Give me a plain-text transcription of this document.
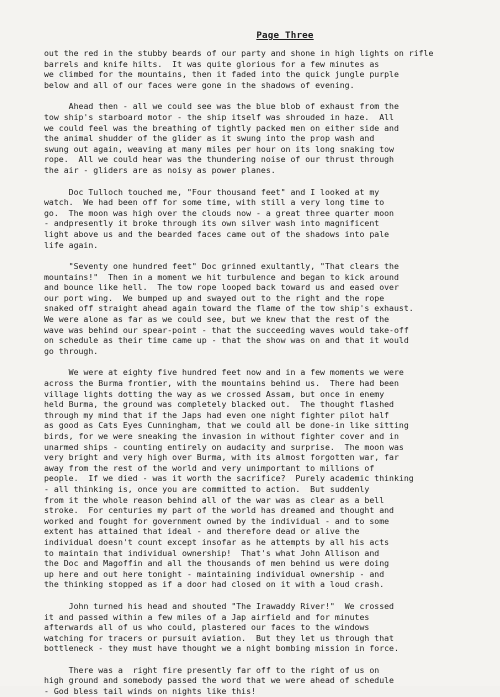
Page Three

out the red in the stubby beards of our party and shone in high lights on rifle
barrels and knife hilts.  It was quite glorious for a few minutes as
we climbed for the mountains, then it faded into the quick jungle purple
below and all of our faces were gone in the shadows of evening.

Ahead then - all we could see was the blue blob of exhaust from the
tow ship's starboard motor - the ship itself was shrouded in haze.  All
we could feel was the breathing of tightly packed men on either side and
the animal shudder of the glider as it swung into the prop wash and
swung out again, weaving at many miles per hour on its long snaking tow
rope.  All we could hear was the thundering noise of our thrust through
the air - gliders are as noisy as power planes.

Doc Tulloch touched me, "Four thousand feet" and I looked at my
watch.  We had been off for some time, with still a very long time to
go.  The moon was high over the clouds now - a great three quarter moon
- andpresently it broke through its own silver wash into magnificent
light above us and the bearded faces came out of the shadows into pale
life again.

"Seventy one hundred feet" Doc grinned exultantly, "That clears the
mountains!"  Then in a moment we hit turbulence and began to kick around
and bounce like hell.  The tow rope looped back toward us and eased over
our port wing.  We bumped up and swayed out to the right and the rope
snaked off straight ahead again toward the flame of the tow ship's exhaust.
We were alone as far as we could see, but we knew that the rest of the
wave was behind our spear-point - that the succeeding waves would take-off
on schedule as their time came up - that the show was on and that it would
go through.

We were at eighty five hundred feet now and in a few moments we were
across the Burma frontier, with the mountains behind us.  There had been
village lights dotting the way as we crossed Assam, but once in enemy
held Burma, the ground was completely blacked out.  The thought flashed
through my mind that if the Japs had even one night fighter pilot half
as good as Cats Eyes Cunningham, that we could all be done-in like sitting
birds, for we were sneaking the invasion in without fighter cover and in
unarmed ships - counting entirely on audacity and surprise.  The moon was
very bright and very high over Burma, with its almost forgotten war, far
away from the rest of the world and very unimportant to millions of
people.  If we died - was it worth the sacrifice?  Purely academic thinking
- all thinking is, once you are committed to action.  But suddenly
from it the whole reason behind all of the war was as clear as a bell
stroke.  For centuries my part of the world has dreamed and thought and
worked and fought for government owned by the individual - and to some
extent has attained that ideal - and therefore dead or alive the
individual doesn't count except insofar as he attempts by all his acts
to maintain that individual ownership!  That's what John Allison and
the Doc and Magoffin and all the thousands of men behind us were doing
up here and out here tonight - maintaining individual ownership - and
the thinking stopped as if a door had closed on it with a loud crash.

John turned his head and shouted "The Irawaddy River!"  We crossed
it and passed within a few miles of a Jap airfield and for minutes
afterwards all of us who could, plastered our faces to the windows
watching for tracers or pursuit aviation.  But they let us through that
bottleneck - they must have thought we a night bombing mission in force.

There was a  right fire presently far off to the right of us on
high ground and somebody passed the word that we were ahead of schedule
- God bless tail winds on nights like this!
